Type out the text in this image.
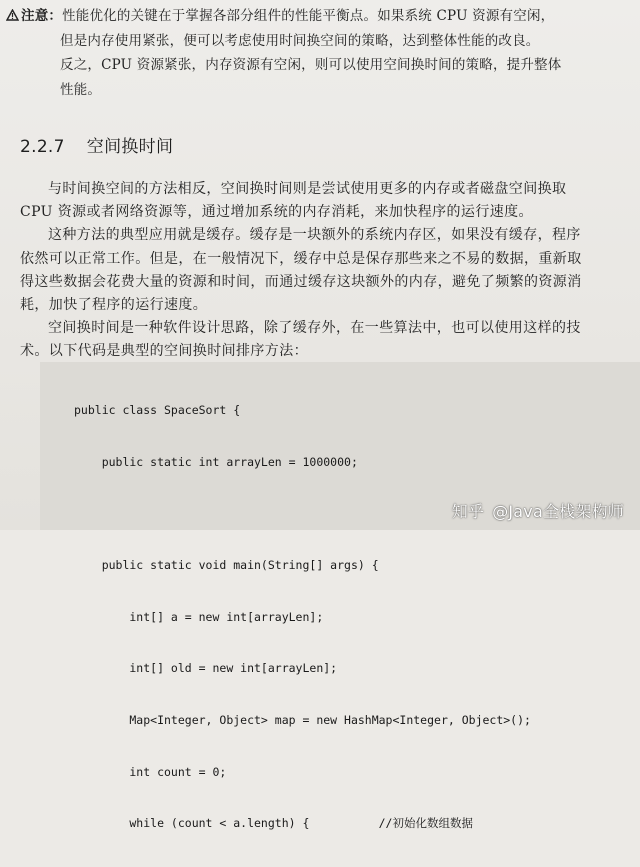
注意：性能优化的关键在于掌握各部分组件的性能平衡点。如果系统 CPU 资源有空闲，

但是内存使用紧张，便可以考虑使用时间换空间的策略，达到整体性能的改良。

反之，CPU 资源紧张，内存资源有空闲，则可以使用空间换时间的策略，提升整体

性能。

2.2.7 空间换时间

与时间换空间的方法相反，空间换时间则是尝试使用更多的内存或者磁盘空间换取

CPU 资源或者网络资源等，通过增加系统的内存消耗，来加快程序的运行速度。

这种方法的典型应用就是缓存。缓存是一块额外的系统内存区，如果没有缓存，程序

依然可以正常工作。但是，在一般情况下，缓存中总是保存那些来之不易的数据，重新取

得这些数据会花费大量的资源和时间，而通过缓存这块额外的内存，避免了频繁的资源消

耗，加快了程序的运行速度。

空间换时间是一种软件设计思路，除了缓存外，在一些算法中，也可以使用这样的技

术。以下代码是典型的空间换时间排序方法：

public class SpaceSort {

public static int arrayLen = 1000000;

public static void main(String[] args) {

int[] a = new int[arrayLen];

int[] old = new int[arrayLen];

Map<Integer, Object> map = new HashMap<Integer, Object>();

int count = 0;

while (count < a.length) {          //初始化数组数据

知乎 @Java全栈架构师
